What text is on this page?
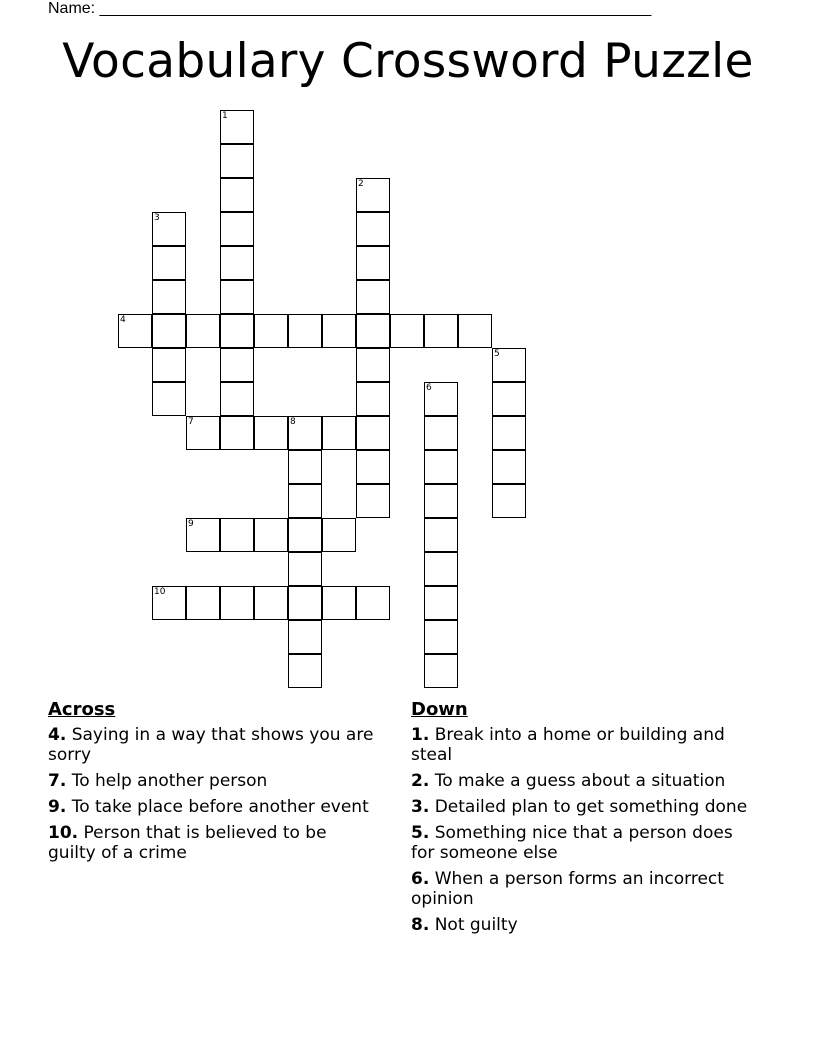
Name: ______________________________________________________________
Vocabulary Crossword Puzzle
1
2
3
4
5
6
7	8
9
10
Across
4. Saying in a way that shows you are sorry
7. To help another person
9. To take place before another event
10. Person that is believed to be guilty of a crime
Down
1. Break into a home or building and steal
2. To make a guess about a situation
3. Detailed plan to get something done
5. Something nice that a person does for someone else
6. When a person forms an incorrect opinion
8. Not guilty
